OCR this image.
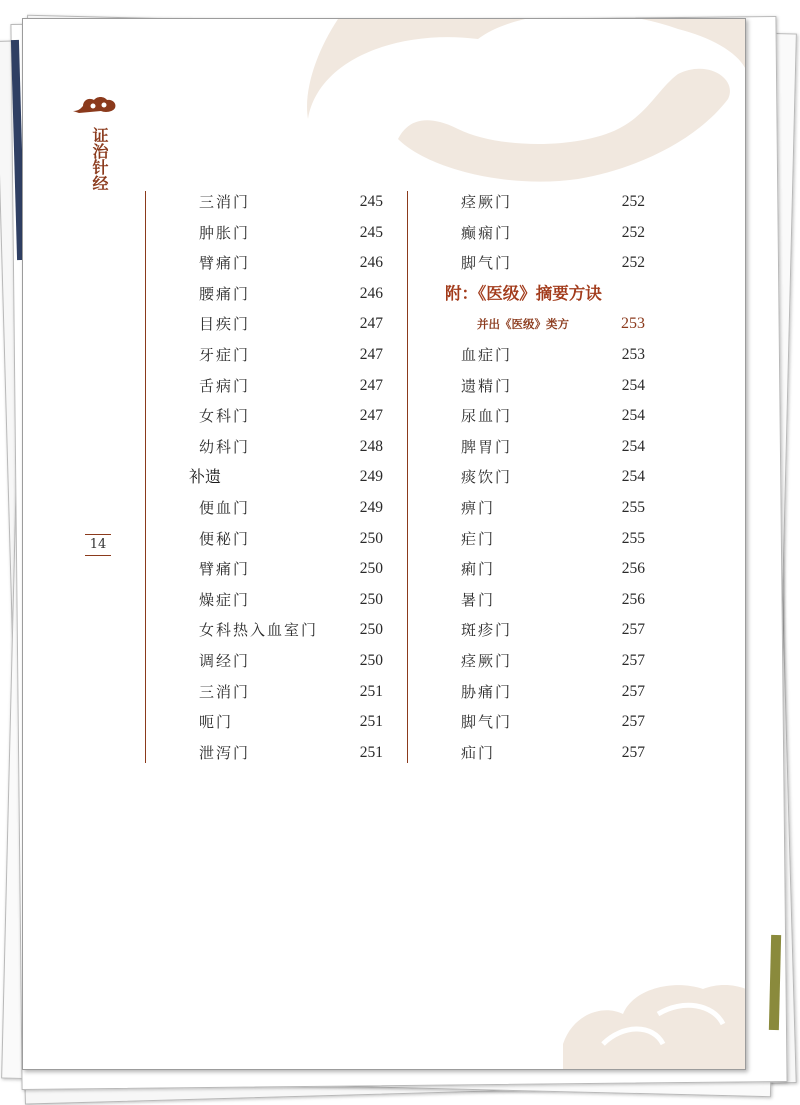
证治针经
14
三消门	245
肿胀门	245
臂痛门	246
腰痛门	246
目疾门	247
牙症门	247
舌病门	247
女科门	247
幼科门	248
补遗	249
便血门	249
便秘门	250
臂痛门	250
燥症门	250
女科热入血室门	250
调经门	250
三消门	251
呃门	251
泄泻门	251
痉厥门	252
癫痫门	252
脚气门	252
附：《医级》摘要方诀
并出《医级》类方	253
血症门	253
遗精门	254
尿血门	254
脾胃门	254
痰饮门	254
痹门	255
疟门	255
痢门	256
暑门	256
斑疹门	257
痉厥门	257
胁痛门	257
脚气门	257
疝门	257
